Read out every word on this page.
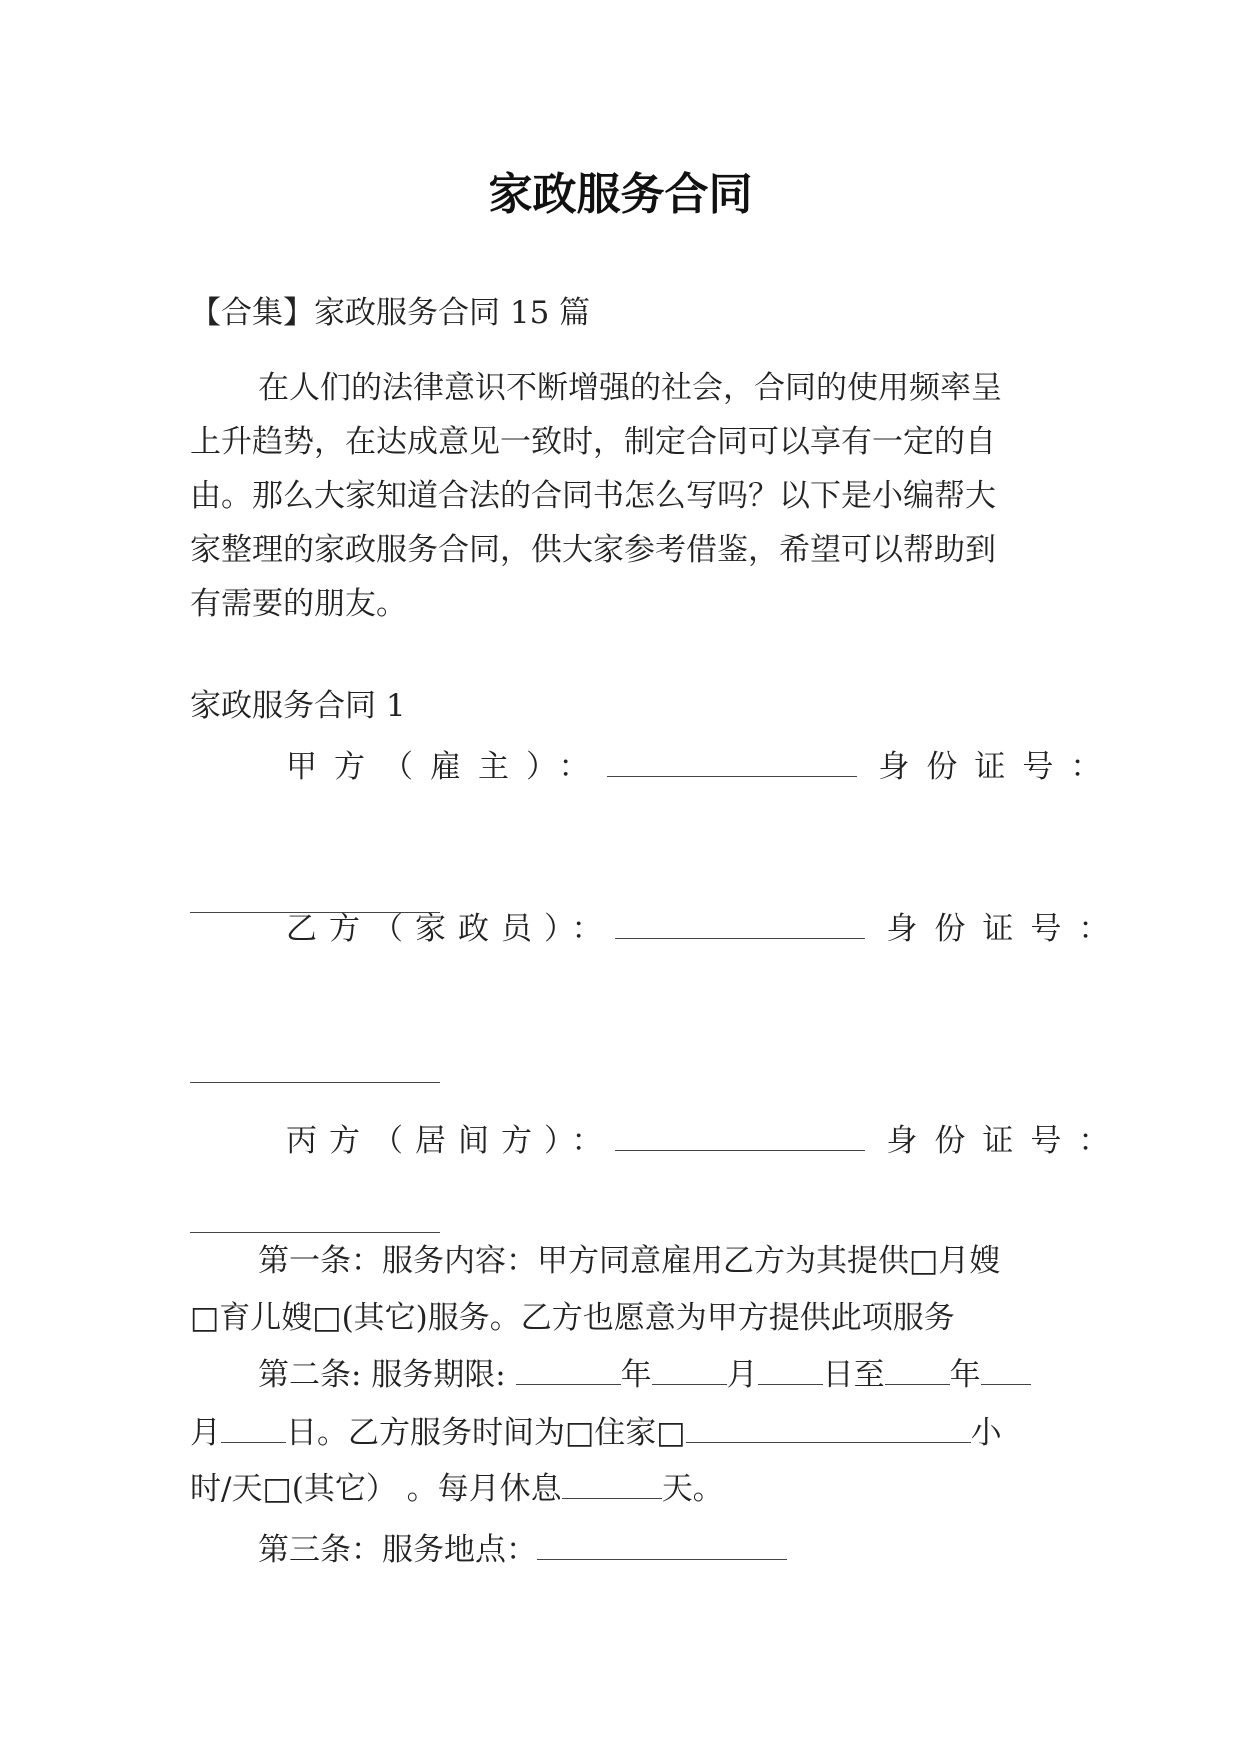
家政服务合同

【合集】家政服务合同 15 篇

在人们的法律意识不断增强的社会，合同的使用频率呈

上升趋势，在达成意见一致时，制定合同可以享有一定的自

由。那么大家知道合法的合同书怎么写吗？以下是小编帮大

家整理的家政服务合同，供大家参考借鉴，希望可以帮助到

有需要的朋友。

家政服务合同 1

甲方（雇主）：	身份证号：

乙方（家政员）：	身份证号：

丙方（居间方）：	身份证号：

第一条：服务内容：甲方同意雇用乙方为其提供□月嫂

□育儿嫂□(其它)服务。乙方也愿意为甲方提供此项服务

第二条: 服务期限:	年 月 日至 年

月 日。乙方服务时间为□住家□	小

时/天□(其它） 。每月休息	天。

第三条：服务地点：
